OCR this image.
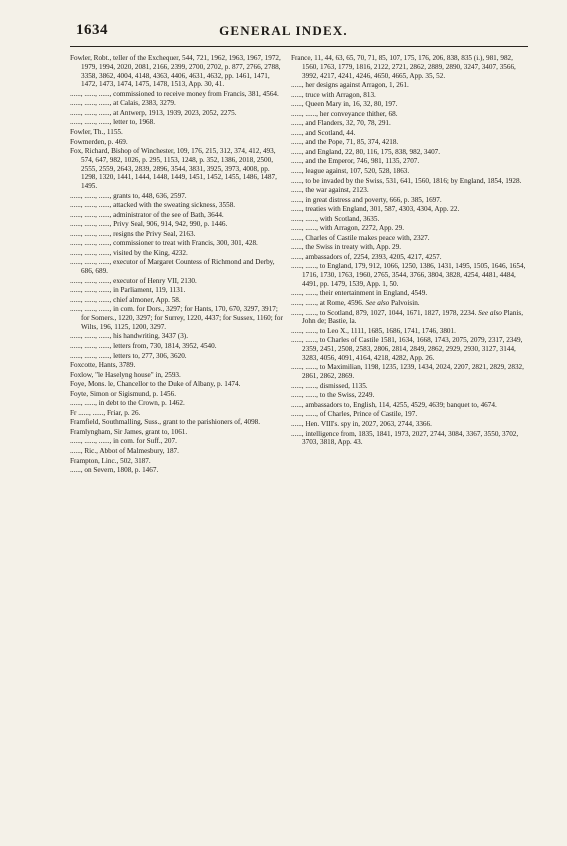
1634	GENERAL INDEX.
Fowler, Robt., teller of the Exchequer, 544, 721, 1962, 1963, 1967, 1972, 1979, 1994, 2020, 2081, 2166, 2399, 2700, 2702, p. 877, 2766, 2788, 3358, 3862, 4004, 4148, 4363, 4406, 4631, 4632, pp. 1461, 1471, 1472, 1473, 1474, 1475, 1478, 1513, App. 30, 41.
......, ......, ......, commissioned to receive money from Francis, 381, 4564.
......, ......, ......, at Calais, 2383, 3279.
......, ......, ......, at Antwerp, 1913, 1939, 2023, 2052, 2275.
......, ......, ......, letter to, 1968.
Fowler, Th., 1155.
Fowmerden, p. 469.
Fox, Richard, Bishop of Winchester, 109, 176, 215, 312, 374, 412, 493, 574, 647, 982, 1026, p. 295, 1153, 1248, p. 352, 1386, 2018, 2500, 2555, 2559, 2643, 2839, 2896, 3544, 3831, 3925, 3973, 4008, pp. 1298, 1320, 1441, 1444, 1448, 1449, 1451, 1452, 1455, 1486, 1487, 1495.
......, ......, ......, grants to, 448, 636, 2597.
......, ......, ......, attacked with the sweating sickness, 3558.
......, ......, ......, administrator of the see of Bath, 3644.
......, ......, ......, Privy Seal, 906, 914, 942, 990, p. 1446.
......, ......, ......, resigns the Privy Seal, 2163.
......, ......, ......, commissioner to treat with Francis, 300, 301, 428.
......, ......, ......, visited by the King, 4232.
......, ......, ......, executor of Margaret Countess of Richmond and Derby, 686, 689.
......, ......, ......, executor of Henry VII, 2130.
......, ......, ......, in Parliament, 119, 1131.
......, ......, ......, chief almoner, App. 58.
......, ......, ......, in com. for Dors., 3297; for Hants, 170, 670, 3297, 3917; for Somers., 1220, 3297; for Surrey, 1220, 4437; for Sussex, 1160; for Wilts, 196, 1125, 1200, 3297.
......, ......, ......, his handwriting, 3437 (3).
......, ......, ......, letters from, 730, 1814, 3952, 4540.
......, ......, ......, letters to, 277, 306, 3620.
Foxcotte, Hants, 3789.
Foxlow, "le Haselyng house" in, 2593.
Foye, Mons. le, Chancellor to the Duke of Albany, p. 1474.
Foyte, Simon or Sigismund, p. 1456.
......, ......, in debt to the Crown, p. 1462.
Fr ......, ......, Friar, p. 26.
Framfield, Southmalling, Suss., grant to the parishioners of, 4098.
Framlyngham, Sir James, grant to, 1061.
......, ......, ......, in com. for Suff., 207.
......, Ric., Abbot of Malmesbury, 187.
Frampton, Linc., 502, 3187.
......, on Severn, 1808, p. 1467.
France, 11, 44, 63, 65, 70, 71, 85, 107, 175, 176, 206, 838, 835 (i.), 981, 982, 1560, 1763, 1779, 1816, 2122, 2721, 2862, 2889, 2890, 3247, 3407, 3566, 3992, 4217, 4241, 4246, 4650, 4665, App. 35, 52.
......, her designs against Arragon, 1, 261.
......, truce with Arragon, 813.
......, Queen Mary in, 16, 32, 80, 197.
......, ......, her conveyance thither, 68.
......, and Flanders, 32, 70, 78, 291.
......, and Scotland, 44.
......, and the Pope, 71, 85, 374, 4218.
......, and England, 22, 80, 116, 175, 838, 982, 3407.
......, and the Emperor, 746, 981, 1135, 2707.
......, league against, 107, 520, 528, 1863.
......, to be invaded by the Swiss, 531, 641, 1560, 1816; by England, 1854, 1928.
......, the war against, 2123.
......, in great distress and poverty, 666, p. 385, 1697.
......, treaties with England, 301, 587, 4303, 4304, App. 22.
......, ......, with Scotland, 3635.
......, ......, with Arragon, 2272, App. 29.
......, Charles of Castile makes peace with, 2327.
......, the Swiss in treaty with, App. 29.
......, ambassadors of, 2254, 2393, 4205, 4217, 4257.
......, ......, to England, 179, 912, 1066, 1250, 1386, 1431, 1495, 1505, 1646, 1654, 1716, 1730, 1763, 1960, 2765, 3544, 3766, 3804, 3828, 4254, 4481, 4484, 4491, pp. 1479, 1539, App. 1, 50.
......, ......, their entertainment in England, 4549.
......, ......, at Rome, 4596. See also Palvoisin.
......, ......, to Scotland, 879, 1027, 1044, 1671, 1827, 1978, 2234. See also Planis, John de; Bastie, la.
......, ......, to Leo X., 1111, 1685, 1686, 1741, 1746, 3801.
......, ......, to Charles of Castile 1581, 1634, 1668, 1743, 2075, 2079, 2317, 2349, 2359, 2451, 2508, 2583, 2806, 2814, 2849, 2862, 2929, 2930, 3127, 3144, 3283, 4056, 4091, 4164, 4218, 4282, App. 26.
......, ......, to Maximilian, 1198, 1235, 1239, 1434, 2024, 2207, 2821, 2829, 2832, 2861, 2862, 2869.
......, ......, dismissed, 1135.
......, ......, to the Swiss, 2249.
......, ambassadors to, English, 114, 4255, 4529, 4639; banquet to, 4674.
......, ......, of Charles, Prince of Castile, 197.
......, Hen. VIII's. spy in, 2027, 2063, 2744, 3366.
......, intelligence from, 1835, 1841, 1973, 2027, 2744, 3084, 3367, 3550, 3702, 3703, 3818, App. 43.
